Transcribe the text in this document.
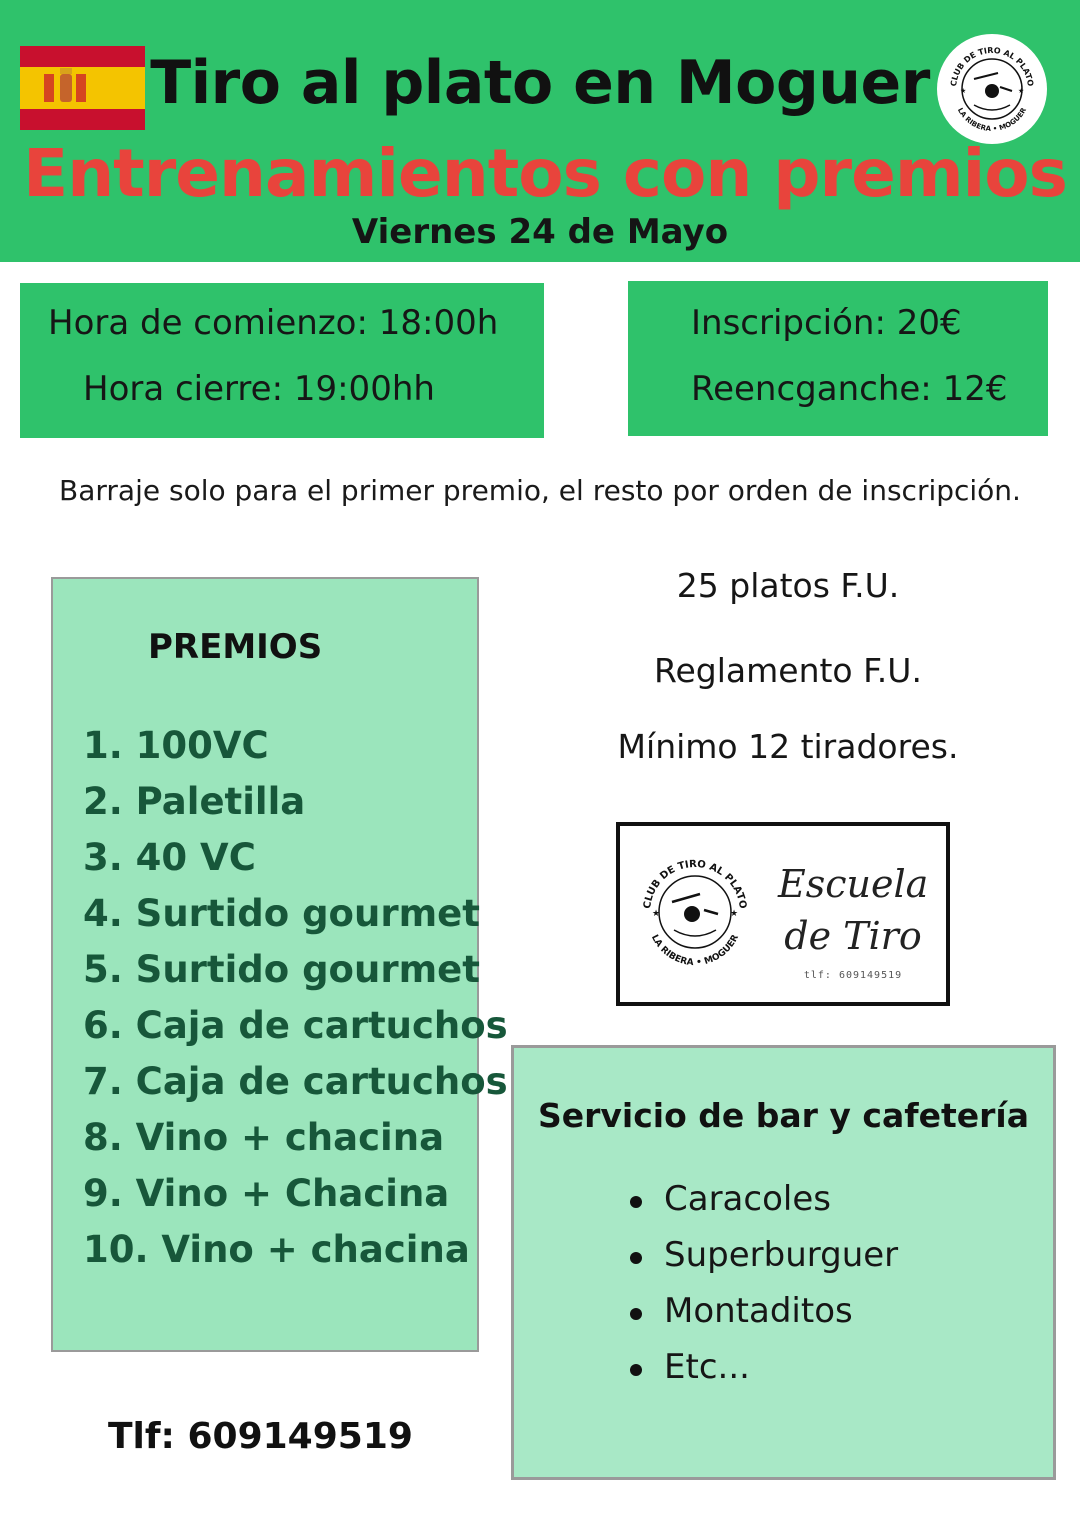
Tiro al plato en Moguer CLUB DE TIRO AL PLATO
LA RIBERA • MOGUER
★	★
Entrenamientos con premios
Viernes 24 de Mayo
Hora de comienzo: 18:00h
Hora cierre: 19:00hh
Inscripción: 20€
Reencganche: 12€
Barraje solo para el primer premio, el resto por orden de inscripción.
PREMIOS
1. 100VC
2. Paletilla
3. 40 VC
4. Surtido gourmet
5. Surtido gourmet
6. Caja de cartuchos
7. Caja de cartuchos
8. Vino + chacina
9. Vino + Chacina
10. Vino + chacina
25 platos F.U.
Reglamento F.U.
Mínimo 12 tiradores.
CLUB DE TIRO AL PLATO
LA RIBERA • MOGUER
★	★
Escuela
de Tiro
tlf: 609149519
Servicio de bar y cafetería
Caracoles
Superburguer
Montaditos
Etc...
Tlf: 609149519
